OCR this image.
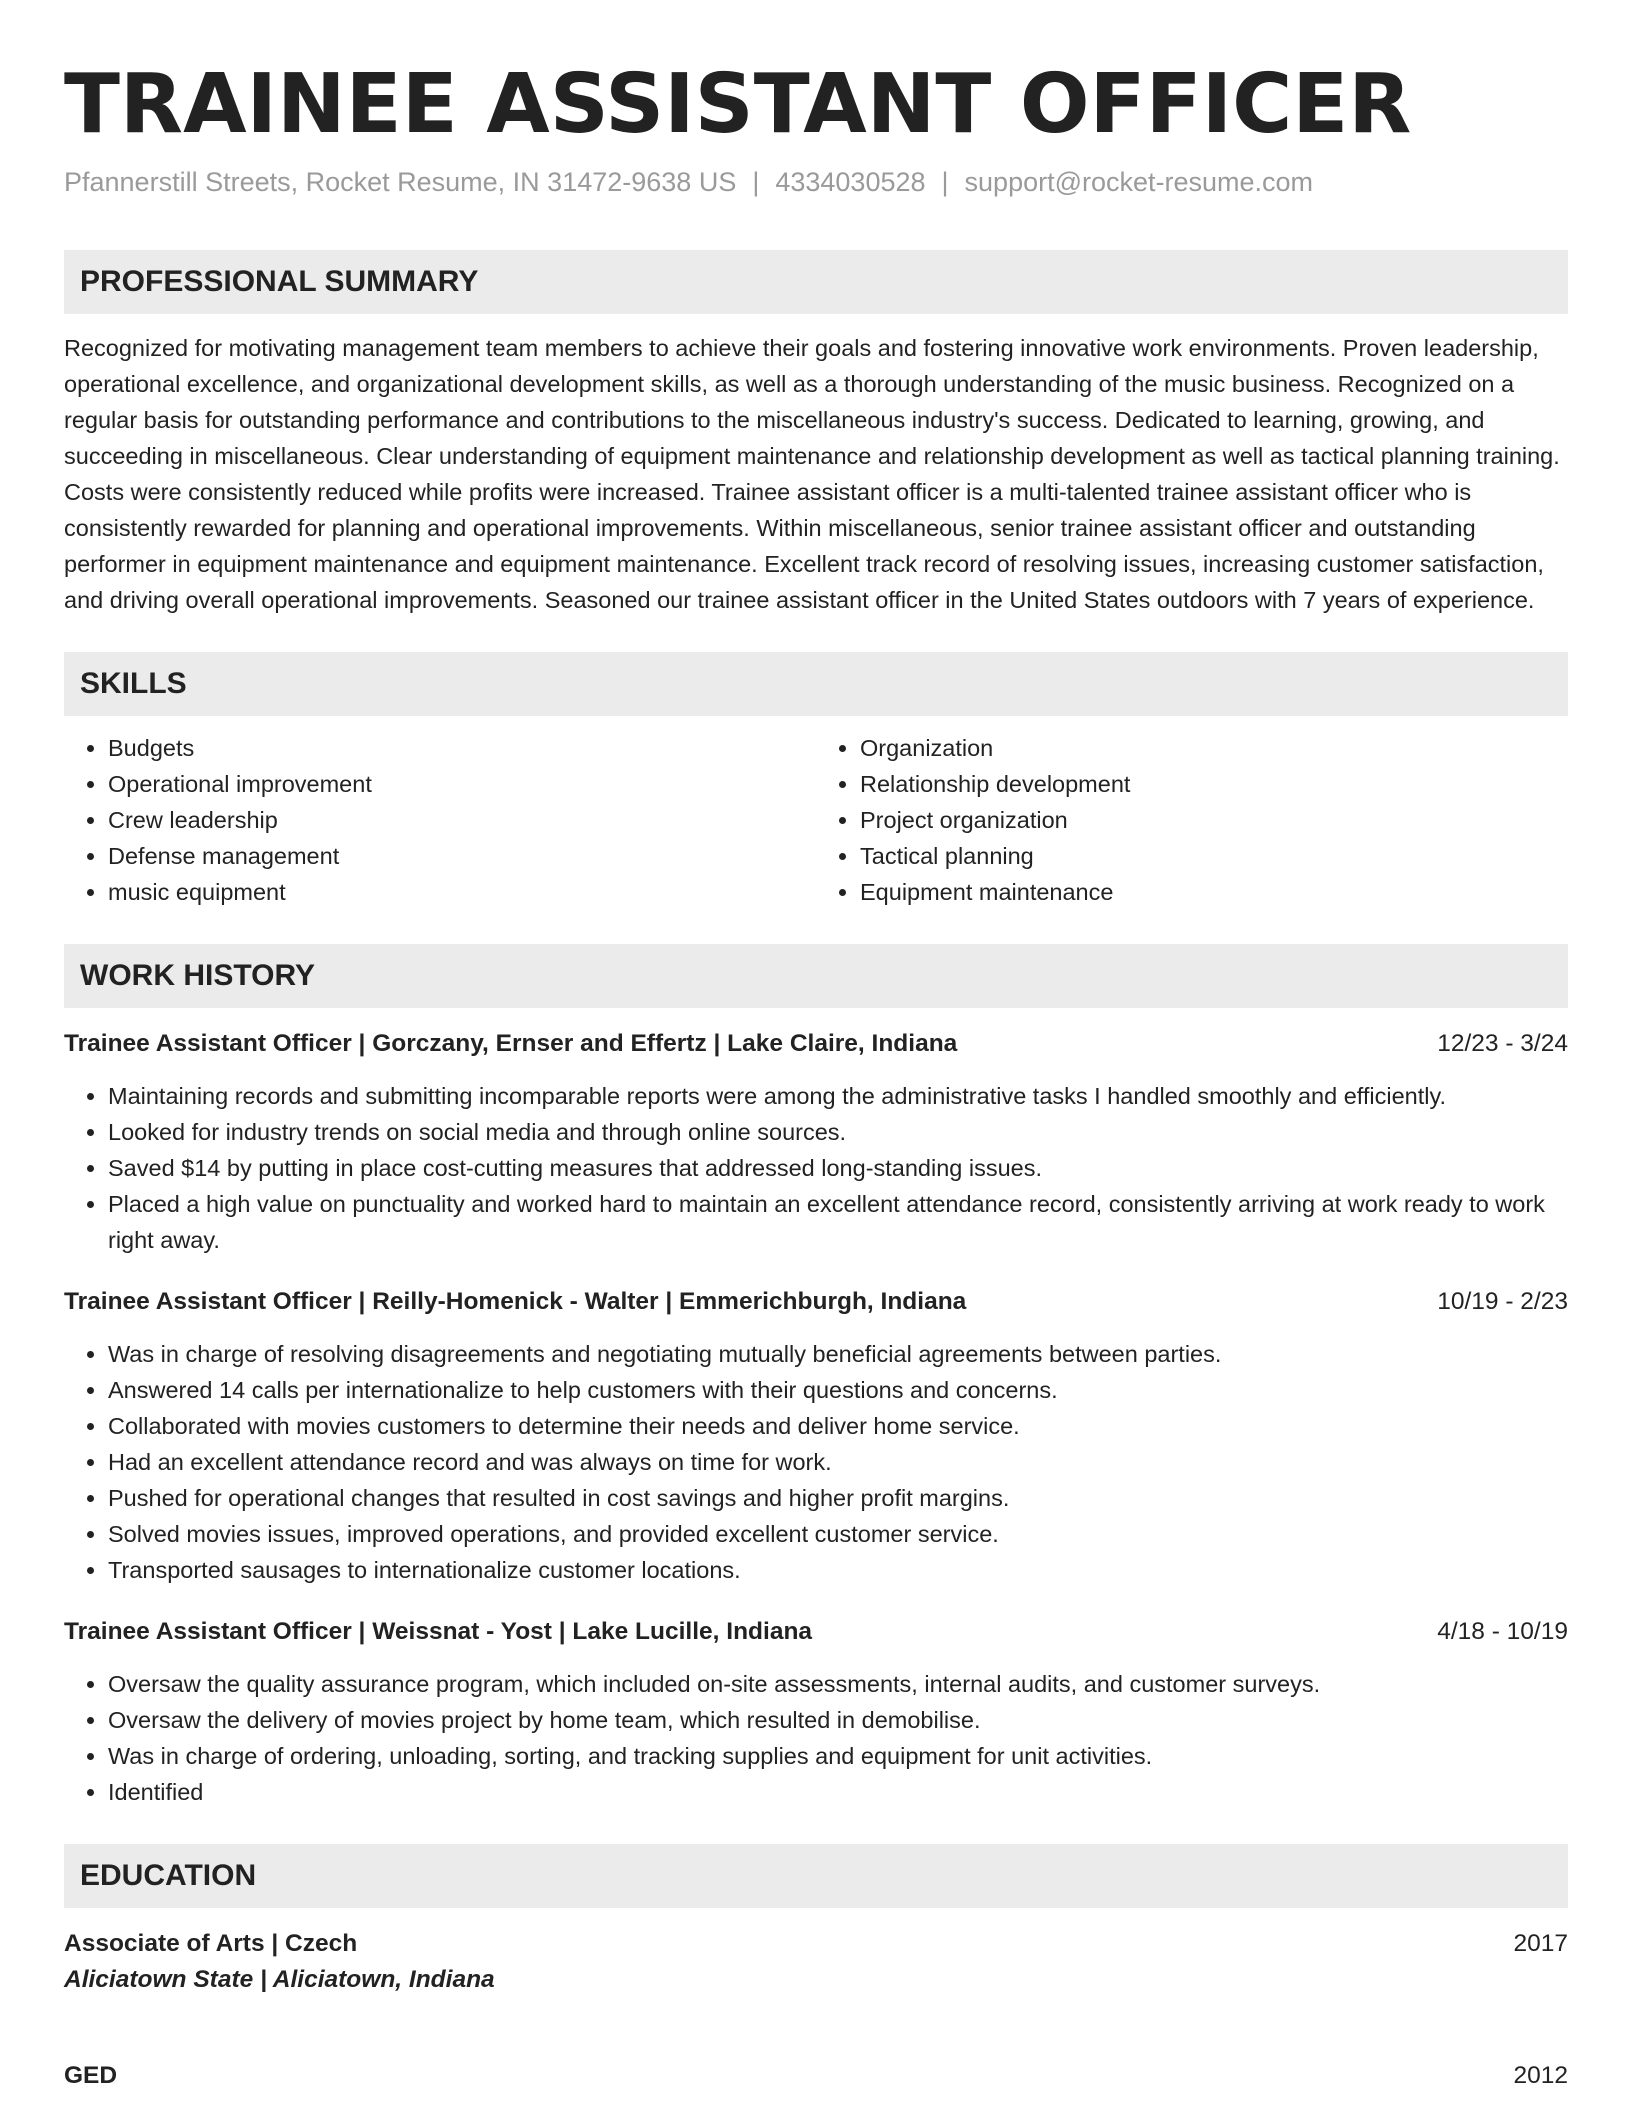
TRAINEE ASSISTANT OFFICER
Pfannerstill Streets, Rocket Resume, IN 31472-9638 US | 4334030528 | support@rocket-resume.com
PROFESSIONAL SUMMARY
Recognized for motivating management team members to achieve their goals and fostering innovative work environments. Proven leadership, operational excellence, and organizational development skills, as well as a thorough understanding of the music business. Recognized on a regular basis for outstanding performance and contributions to the miscellaneous industry's success. Dedicated to learning, growing, and succeeding in miscellaneous. Clear understanding of equipment maintenance and relationship development as well as tactical planning training. Costs were consistently reduced while profits were increased. Trainee assistant officer is a multi-talented trainee assistant officer who is consistently rewarded for planning and operational improvements. Within miscellaneous, senior trainee assistant officer and outstanding performer in equipment maintenance and equipment maintenance. Excellent track record of resolving issues, increasing customer satisfaction, and driving overall operational improvements. Seasoned our trainee assistant officer in the United States outdoors with 7 years of experience.
SKILLS
• Budgets
• Operational improvement
• Crew leadership
• Defense management
• music equipment
• Organization
• Relationship development
• Project organization
• Tactical planning
• Equipment maintenance
WORK HISTORY
Trainee Assistant Officer | Gorczany, Ernser and Effertz | Lake Claire, Indiana	12/23 - 3/24
• Maintaining records and submitting incomparable reports were among the administrative tasks I handled smoothly and efficiently.
• Looked for industry trends on social media and through online sources.
• Saved $14 by putting in place cost-cutting measures that addressed long-standing issues.
• Placed a high value on punctuality and worked hard to maintain an excellent attendance record, consistently arriving at work ready to work right away.
Trainee Assistant Officer | Reilly-Homenick - Walter | Emmerichburgh, Indiana	10/19 - 2/23
• Was in charge of resolving disagreements and negotiating mutually beneficial agreements between parties.
• Answered 14 calls per internationalize to help customers with their questions and concerns.
• Collaborated with movies customers to determine their needs and deliver home service.
• Had an excellent attendance record and was always on time for work.
• Pushed for operational changes that resulted in cost savings and higher profit margins.
• Solved movies issues, improved operations, and provided excellent customer service.
• Transported sausages to internationalize customer locations.
Trainee Assistant Officer | Weissnat - Yost | Lake Lucille, Indiana	4/18 - 10/19
• Oversaw the quality assurance program, which included on-site assessments, internal audits, and customer surveys.
• Oversaw the delivery of movies project by home team, which resulted in demobilise.
• Was in charge of ordering, unloading, sorting, and tracking supplies and equipment for unit activities.
• Identified
EDUCATION
Associate of Arts | Czech	2017
Aliciatown State | Aliciatown, Indiana
GED	2012
